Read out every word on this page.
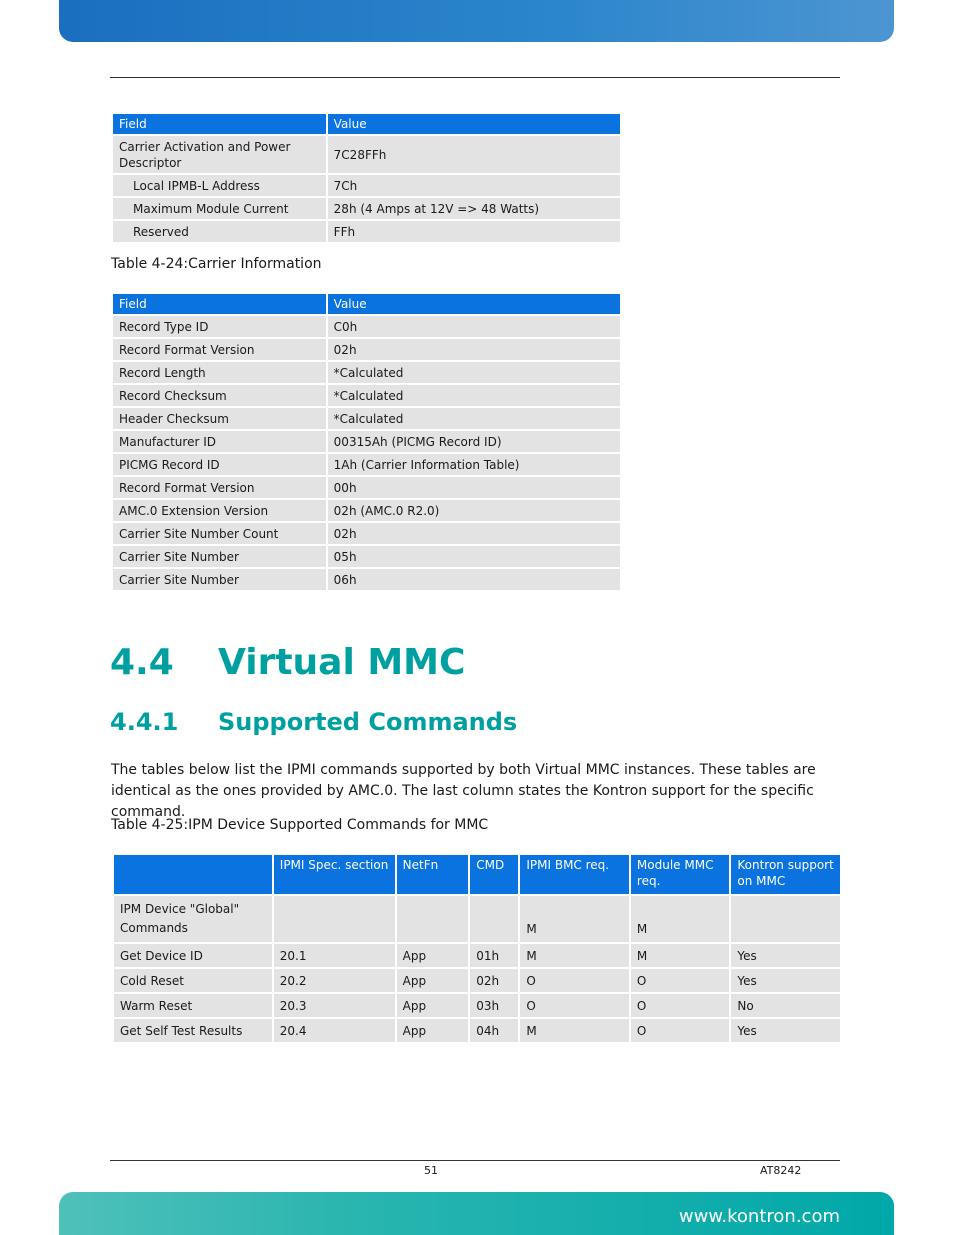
Field	Value
Carrier Activation and Power Descriptor	7C28FFh
Local IPMB-L Address	7Ch
Maximum Module Current	28h (4 Amps at 12V => 48 Watts)
Reserved	FFh
Table 4-24:Carrier Information
Field	Value
Record Type ID	C0h
Record Format Version	02h
Record Length	*Calculated
Record Checksum	*Calculated
Header Checksum	*Calculated
Manufacturer ID	00315Ah (PICMG Record ID)
PICMG Record ID	1Ah (Carrier Information Table)
Record Format Version	00h
AMC.0 Extension Version	02h (AMC.0 R2.0)
Carrier Site Number Count	02h
Carrier Site Number	05h
Carrier Site Number	06h
4.4 Virtual MMC
4.4.1 Supported Commands
The tables below list the IPMI commands supported by both Virtual MMC instances. These tables are identical as the ones provided by AMC.0. The last column states the Kontron support for the specific command.
Table 4-25:IPM Device Supported Commands for MMC
	IPMI Spec. section	NetFn	CMD	IPMI BMC req.	Module MMC req.	Kontron support on MMC
IPM Device "Global" Commands				M	M	
Get Device ID	20.1	App	01h	M	M	Yes
Cold Reset	20.2	App	02h	O	O	Yes
Warm Reset	20.3	App	03h	O	O	No
Get Self Test Results	20.4	App	04h	M	O	Yes
51	AT8242
www.kontron.com
